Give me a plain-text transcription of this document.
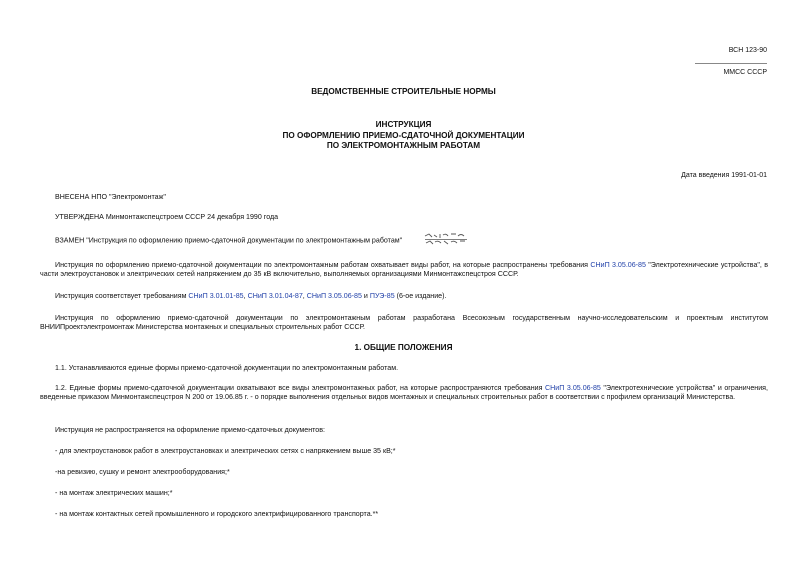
ВСН 123-90
ММСС СССР
ВЕДОМСТВЕННЫЕ СТРОИТЕЛЬНЫЕ НОРМЫ
ИНСТРУКЦИЯ
ПО ОФОРМЛЕНИЮ ПРИЕМО-СДАТОЧНОЙ ДОКУМЕНТАЦИИ
ПО ЭЛЕКТРОМОНТАЖНЫМ РАБОТАМ
Дата введения 1991-01-01
ВНЕСЕНА НПО "Электромонтаж"
УТВЕРЖДЕНА Минмонтажспецстроем СССР 24 декабря 1990 года
ВЗАМЕН "Инструкция по оформлению приемо-сдаточной документации по электромонтажным работам"
Инструкция по оформлению приемо-сдаточной документации по электромонтажным работам охватывает виды работ, на которые распространены требования СНиП 3.05.06-85 "Электротехнические устройства", в части электроустановок и электрических сетей напряжением до 35 кВ включительно, выполняемых организациями Минмонтажспецстроя СССР.
Инструкция соответствует требованиям СНиП 3.01.01-85, СНиП 3.01.04-87, СНиП 3.05.06-85 и ПУЭ-85 (6-ое издание).
Инструкция по оформлению приемо-сдаточной документации по электромонтажным работам разработана Всесоюзным государственным научно-исследовательским и проектным институтом ВНИИПроектэлектромонтаж Министерства монтажных и специальных строительных работ СССР.
1. ОБЩИЕ ПОЛОЖЕНИЯ
1.1. Устанавливаются единые формы приемо-сдаточной документации по электромонтажным работам.
1.2. Единые формы приемо-сдаточной документации охватывают все виды электромонтажных работ, на которые распространяются требования СНиП 3.05.06-85 "Электротехнические устройства" и ограничения, введенные приказом Минмонтажспецстроя N 200 от 19.06.85 г. - о порядке выполнения отдельных видов монтажных и специальных строительных работ в соответствии с профилем организаций Министерства.
Инструкция не распространяется на оформление приемо-сдаточных документов:
- для электроустановок работ в электроустановках и электрических сетях с напряжением выше 35 кВ;*
-на ревизию, сушку и ремонт электрооборудования;*
- на монтаж электрических машин;*
- на монтаж контактных сетей промышленного и городского электрифицированного транспорта.**
